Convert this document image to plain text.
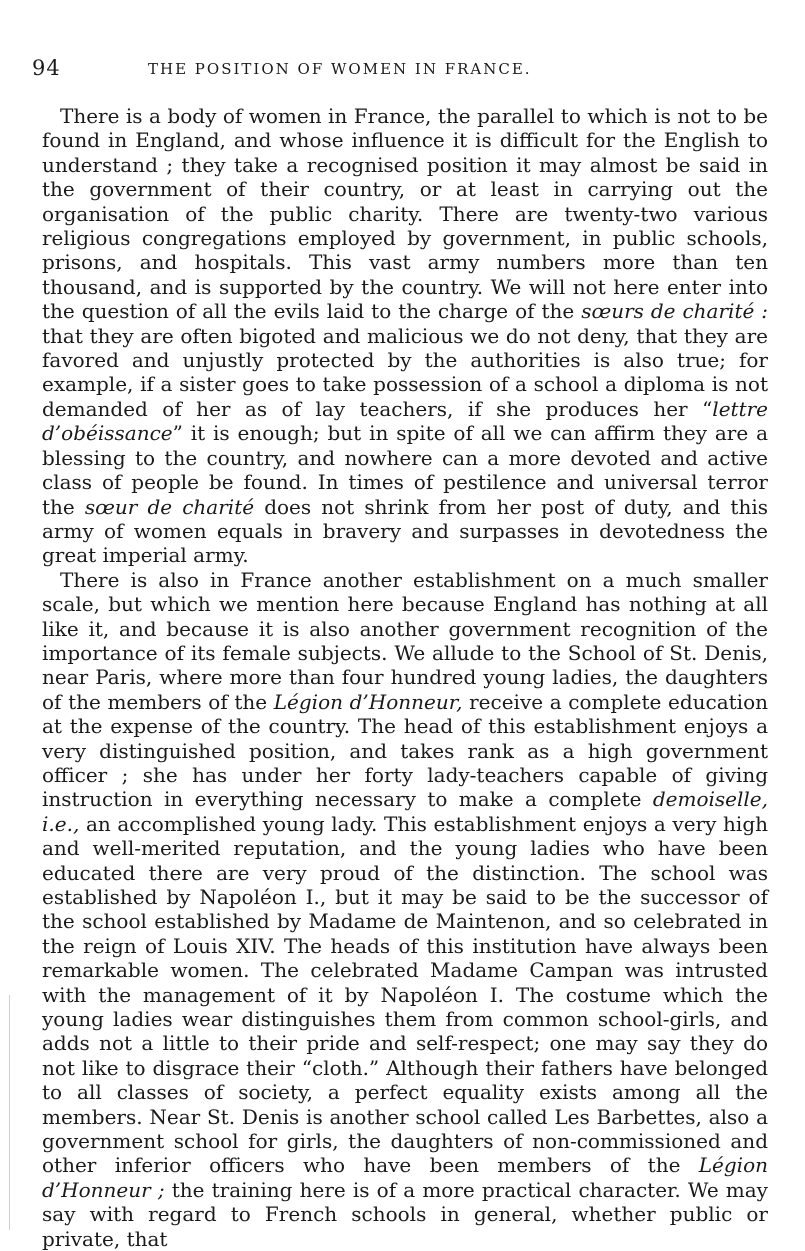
94	THE POSITION OF WOMEN IN FRANCE.

There is a body of women in France, the parallel to which is not to be found in England, and whose influence it is difficult for the English to understand ; they take a recognised position it may almost be said in the government of their country, or at least in carrying out the organisation of the public charity. There are twenty-two various religious congregations employed by government, in public schools, prisons, and hospitals. This vast army numbers more than ten thousand, and is supported by the country. We will not here enter into the question of all the evils laid to the charge of the sœurs de charité : that they are often bigoted and malicious we do not deny, that they are favored and unjustly protected by the authorities is also true; for example, if a sister goes to take possession of a school a diploma is not demanded of her as of lay teachers, if she produces her “lettre d’obéissance” it is enough; but in spite of all we can affirm they are a blessing to the country, and nowhere can a more devoted and active class of people be found. In times of pestilence and universal terror the sœur de charité does not shrink from her post of duty, and this army of women equals in bravery and surpasses in devotedness the great imperial army.

There is also in France another establishment on a much smaller scale, but which we mention here because England has nothing at all like it, and because it is also another government recognition of the importance of its female subjects. We allude to the School of St. Denis, near Paris, where more than four hundred young ladies, the daughters of the members of the Légion d’Honneur, receive a complete education at the expense of the country. The head of this establishment enjoys a very distinguished position, and takes rank as a high government officer ; she has under her forty lady-teachers capable of giving instruction in everything necessary to make a complete demoiselle, i.e., an accomplished young lady. This establishment enjoys a very high and well-merited reputation, and the young ladies who have been educated there are very proud of the distinction. The school was established by Napoléon I., but it may be said to be the successor of the school established by Madame de Maintenon, and so celebrated in the reign of Louis XIV. The heads of this institution have always been remarkable women. The celebrated Madame Campan was intrusted with the management of it by Napoléon I. The costume which the young ladies wear distinguishes them from common school-girls, and adds not a little to their pride and self-respect; one may say they do not like to disgrace their “cloth.” Although their fathers have belonged to all classes of society, a perfect equality exists among all the members. Near St. Denis is another school called Les Barbettes, also a government school for girls, the daughters of non-commissioned and other inferior officers who have been members of the Légion d’Honneur ; the training here is of a more practical character. We may say with regard to French schools in general, whether public or private, that
